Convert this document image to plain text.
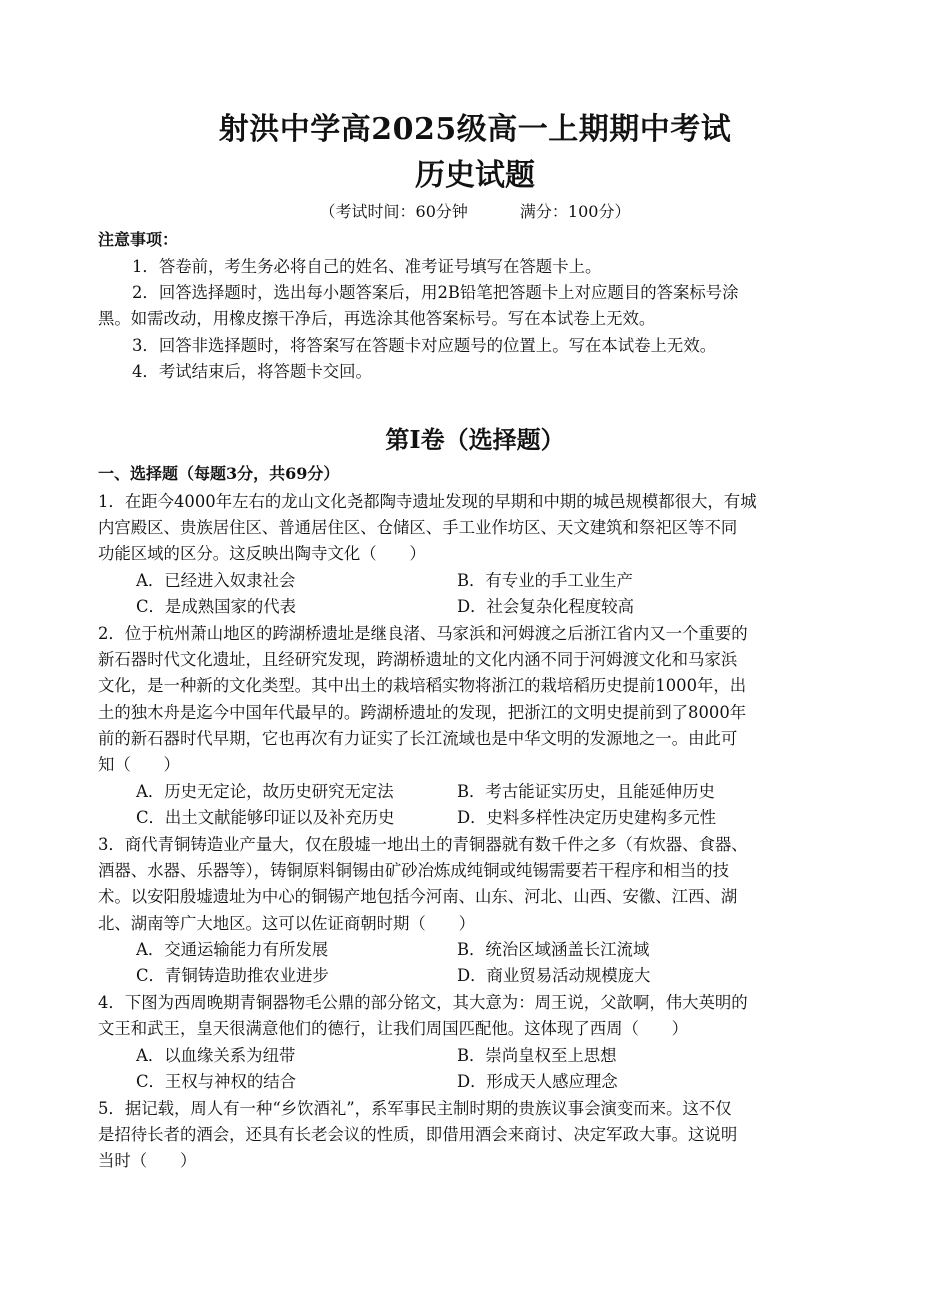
射洪中学高2025级高一上期期中考试
历史试题
（考试时间：60分钟	满分：100分）
注意事项：
1．答卷前，考生务必将自己的姓名、准考证号填写在答题卡上。
2．回答选择题时，选出每小题答案后，用2B铅笔把答题卡上对应题目的答案标号涂
黑。如需改动，用橡皮擦干净后，再选涂其他答案标号。写在本试卷上无效。
3．回答非选择题时，将答案写在答题卡对应题号的位置上。写在本试卷上无效。
4．考试结束后，将答题卡交回。
第I卷（选择题）
一、选择题（每题3分，共69分）
1．在距今4000年左右的龙山文化尧都陶寺遗址发现的早期和中期的城邑规模都很大，有城
内宫殿区、贵族居住区、普通居住区、仓储区、手工业作坊区、天文建筑和祭祀区等不同
功能区域的区分。这反映出陶寺文化（　　）
A．已经进入奴隶社会	B．有专业的手工业生产
C．是成熟国家的代表	D．社会复杂化程度较高
2．位于杭州萧山地区的跨湖桥遗址是继良渚、马家浜和河姆渡之后浙江省内又一个重要的
新石器时代文化遗址，且经研究发现，跨湖桥遗址的文化内涵不同于河姆渡文化和马家浜
文化，是一种新的文化类型。其中出土的栽培稻实物将浙江的栽培稻历史提前1000年，出
土的独木舟是迄今中国年代最早的。跨湖桥遗址的发现，把浙江的文明史提前到了8000年
前的新石器时代早期，它也再次有力证实了长江流域也是中华文明的发源地之一。由此可
知（　　）
A．历史无定论，故历史研究无定法	B．考古能证实历史，且能延伸历史
C．出土文献能够印证以及补充历史	D．史料多样性决定历史建构多元性
3．商代青铜铸造业产量大，仅在殷墟一地出土的青铜器就有数千件之多（有炊器、食器、
酒器、水器、乐器等），铸铜原料铜锡由矿砂冶炼成纯铜或纯锡需要若干程序和相当的技
术。以安阳殷墟遗址为中心的铜锡产地包括今河南、山东、河北、山西、安徽、江西、湖
北、湖南等广大地区。这可以佐证商朝时期（　　）
A．交通运输能力有所发展	B．统治区域涵盖长江流域
C．青铜铸造助推农业进步	D．商业贸易活动规模庞大
4．下图为西周晚期青铜器物毛公鼎的部分铭文，其大意为：周王说，父歆啊，伟大英明的
文王和武王，皇天很满意他们的德行，让我们周国匹配他。这体现了西周（　　）
A．以血缘关系为纽带	B．崇尚皇权至上思想
C．王权与神权的结合	D．形成天人感应理念
5．据记载，周人有一种“乡饮酒礼”，系军事民主制时期的贵族议事会演变而来。这不仅
是招待长者的酒会，还具有长老会议的性质，即借用酒会来商讨、决定军政大事。这说明
当时（　　）
